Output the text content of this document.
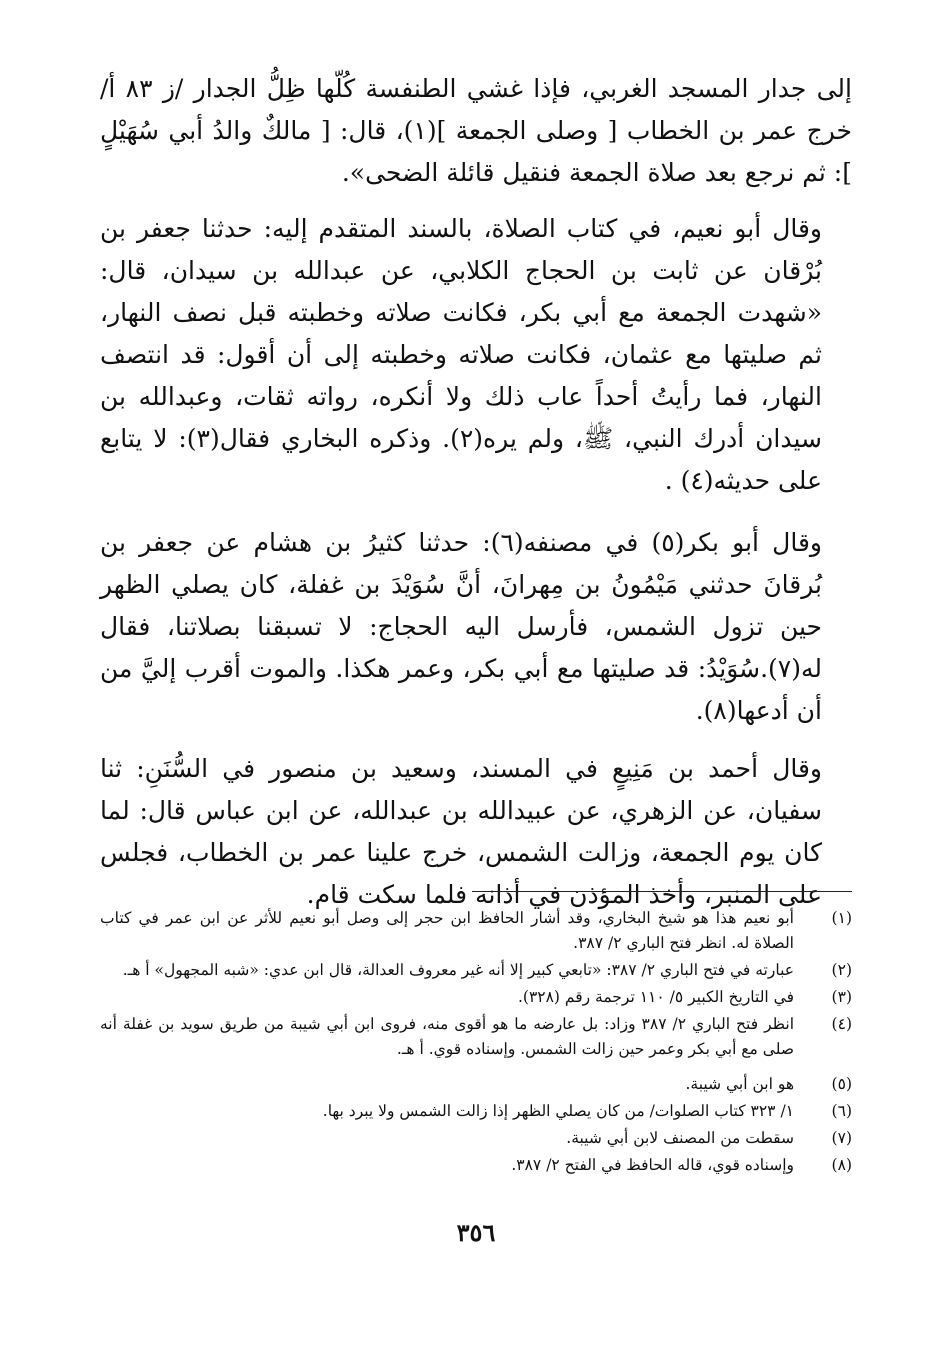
إلى جدار المسجد الغربي، فإذا غشي الطنفسة كُلّها ظِلُّ الجدار /ز ٨٣ أ/ خرج عمر بن الخطاب [ وصلى الجمعة ](١)، قال: [ مالكٌ والدُ أبي سُهَيْلٍ ]: ثم نرجع بعد صلاة الجمعة فنقيل قائلة الضحى».

وقال أبو نعيم، في كتاب الصلاة، بالسند المتقدم إليه: حدثنا جعفر بن بُرْقان عن ثابت بن الحجاج الكلابي، عن عبدالله بن سيدان، قال: «شهدت الجمعة مع أبي بكر، فكانت صلاته وخطبته قبل نصف النهار، ثم صليتها مع عثمان، فكانت صلاته وخطبته إلى أن أقول: قد انتصف النهار، فما رأيتُ أحداً عاب ذلك ولا أنكره، رواته ثقات، وعبدالله بن سيدان أدرك النبي، ﷺ، ولم يره(٢). وذكره البخاري فقال(٣): لا يتابع على حديثه(٤) .

وقال أبو بكر(٥) في مصنفه(٦): حدثنا كثيرُ بن هشام عن جعفر بن بُرقانَ حدثني مَيْمُونُ بن مِهرانَ، أنَّ سُوَيْدَ بن غفلة، كان يصلي الظهر حين تزول الشمس، فأرسل اليه الحجاج: لا تسبقنا بصلاتنا، فقال له(٧).سُوَيْدُ: قد صليتها مع أبي بكر، وعمر هكذا. والموت أقرب إليَّ من أن أدعها(٨).

وقال أحمد بن مَنِيعٍ في المسند، وسعيد بن منصور في السُّنَنِ: ثنا سفيان، عن الزهري، عن عبيدالله بن عبدالله، عن ابن عباس قال: لما كان يوم الجمعة، وزالت الشمس، خرج علينا عمر بن الخطاب، فجلس على المنبر، وأخذ المؤذن في أذانه فلما سكت قام.

(١)
أبو نعيم هذا هو شيخ البخاري، وقد أشار الحافظ ابن حجر إلى وصل أبو نعيم للأثر عن ابن عمر في كتاب الصلاة له. انظر فتح الباري ٢/ ٣٨٧.
(٢)
عبارته في فتح الباري ٢/ ٣٨٧: «تابعي كبير إلا أنه غير معروف العدالة، قال ابن عدي: «شبه المجهول» أ هـ.
(٣)
في التاريخ الكبير ٥/ ١١٠ ترجمة رقم (٣٢٨).
(٤)
انظر فتح الباري ٢/ ٣٨٧ وزاد: بل عارضه ما هو أقوى منه، فروى ابن أبي شيبة من طريق سويد بن غفلة أنه صلى مع أبي بكر وعمر حين زالت الشمس. وإسناده قوي. أ هـ.
(٥)
هو ابن أبي شيبة.
(٦)
١/ ٣٢٣ كتاب الصلوات/ من كان يصلي الظهر إذا زالت الشمس ولا يبرد بها.
(٧)
سقطت من المصنف لابن أبي شيبة.
(٨)
وإسناده قوي، قاله الحافظ في الفتح ٢/ ٣٨٧.
٣٥٦
